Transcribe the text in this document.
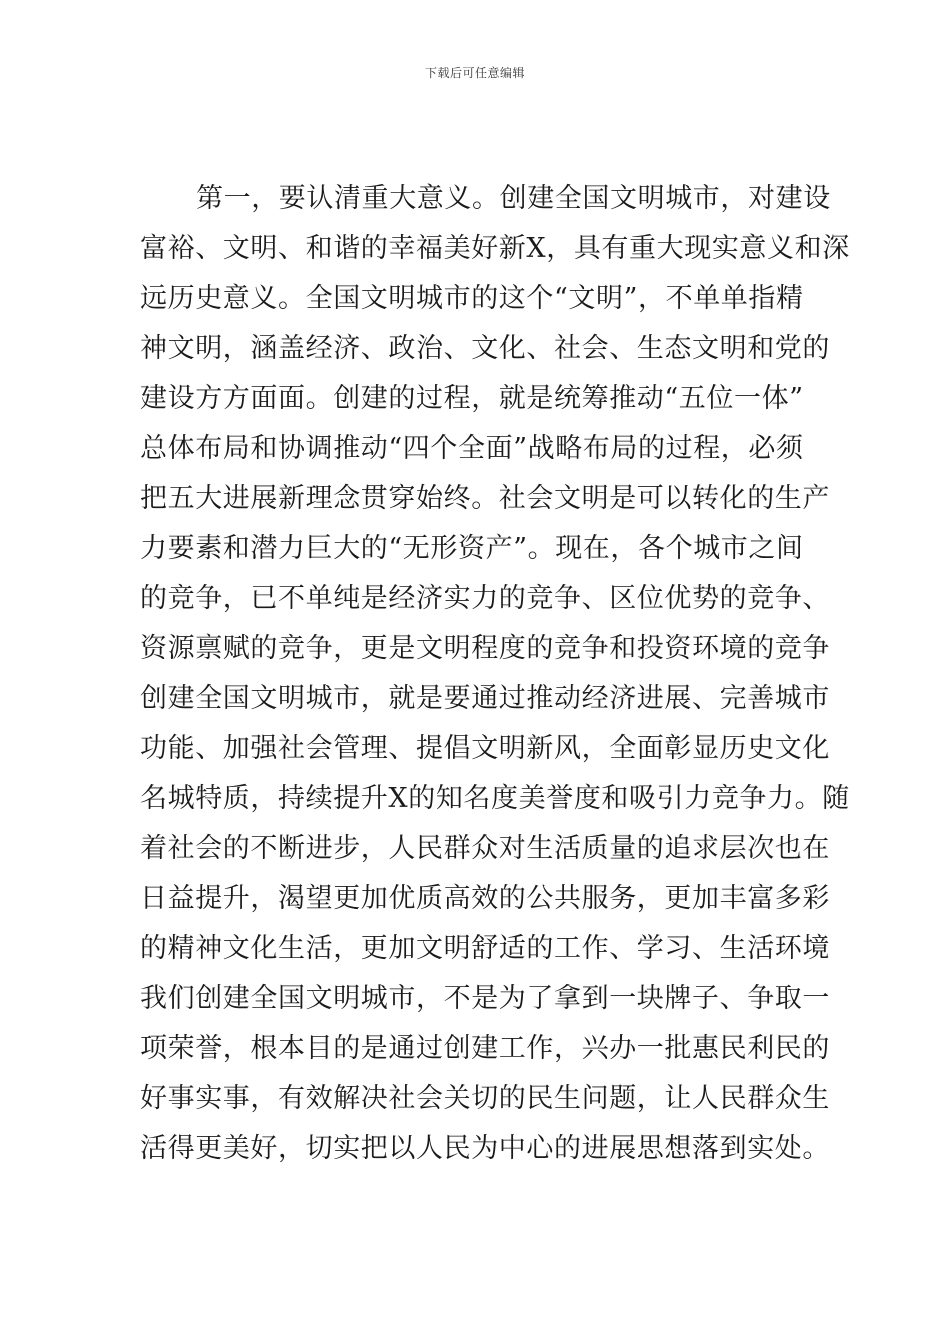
下载后可任意编辑
第一，要认清重大意义。创建全国文明城市，对建设
富裕、文明、和谐的幸福美好新X，具有重大现实意义和深
远历史意义。全国文明城市的这个“文明”，不单单指精
神文明，涵盖经济、政治、文化、社会、生态文明和党的
建设方方面面。创建的过程，就是统筹推动“五位一体”
总体布局和协调推动“四个全面”战略布局的过程，必须
把五大进展新理念贯穿始终。社会文明是可以转化的生产
力要素和潜力巨大的“无形资产”。现在，各个城市之间
的竞争，已不单纯是经济实力的竞争、区位优势的竞争、
资源禀赋的竞争，更是文明程度的竞争和投资环境的竞争
创建全国文明城市，就是要通过推动经济进展、完善城市
功能、加强社会管理、提倡文明新风，全面彰显历史文化
名城特质，持续提升X的知名度美誉度和吸引力竞争力。随
着社会的不断进步，人民群众对生活质量的追求层次也在
日益提升，渴望更加优质高效的公共服务，更加丰富多彩
的精神文化生活，更加文明舒适的工作、学习、生活环境
我们创建全国文明城市，不是为了拿到一块牌子、争取一
项荣誉，根本目的是通过创建工作，兴办一批惠民利民的
好事实事，有效解决社会关切的民生问题，让人民群众生
活得更美好，切实把以人民为中心的进展思想落到实处。
